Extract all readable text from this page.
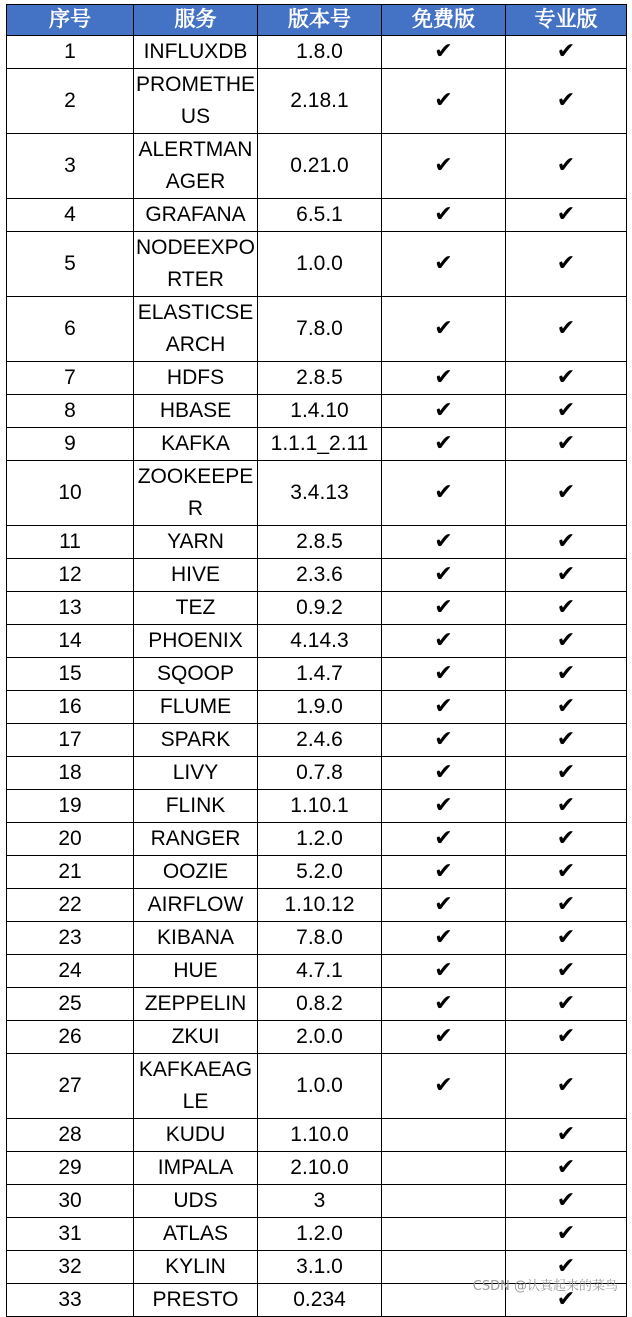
序号	服务	版本号	免费版	专业版
1	INFLUXDB	1.8.0	✔	✔
2	PROMETHEUS	2.18.1	✔	✔
3	ALERTMANAGER	0.21.0	✔	✔
4	GRAFANA	6.5.1	✔	✔
5	NODEEXPORTER	1.0.0	✔	✔
6	ELASTICSEARCH	7.8.0	✔	✔
7	HDFS	2.8.5	✔	✔
8	HBASE	1.4.10	✔	✔
9	KAFKA	1.1.1_2.11	✔	✔
10	ZOOKEEPER	3.4.13	✔	✔
11	YARN	2.8.5	✔	✔
12	HIVE	2.3.6	✔	✔
13	TEZ	0.9.2	✔	✔
14	PHOENIX	4.14.3	✔	✔
15	SQOOP	1.4.7	✔	✔
16	FLUME	1.9.0	✔	✔
17	SPARK	2.4.6	✔	✔
18	LIVY	0.7.8	✔	✔
19	FLINK	1.10.1	✔	✔
20	RANGER	1.2.0	✔	✔
21	OOZIE	5.2.0	✔	✔
22	AIRFLOW	1.10.12	✔	✔
23	KIBANA	7.8.0	✔	✔
24	HUE	4.7.1	✔	✔
25	ZEPPELIN	0.8.2	✔	✔
26	ZKUI	2.0.0	✔	✔
27	KAFKAEAGLE	1.0.0	✔	✔
28	KUDU	1.10.0		✔
29	IMPALA	2.10.0		✔
30	UDS	3		✔
31	ATLAS	1.2.0		✔
32	KYLIN	3.1.0		✔
33	PRESTO	0.234		✔
CSDN @认真起来的菜鸟
